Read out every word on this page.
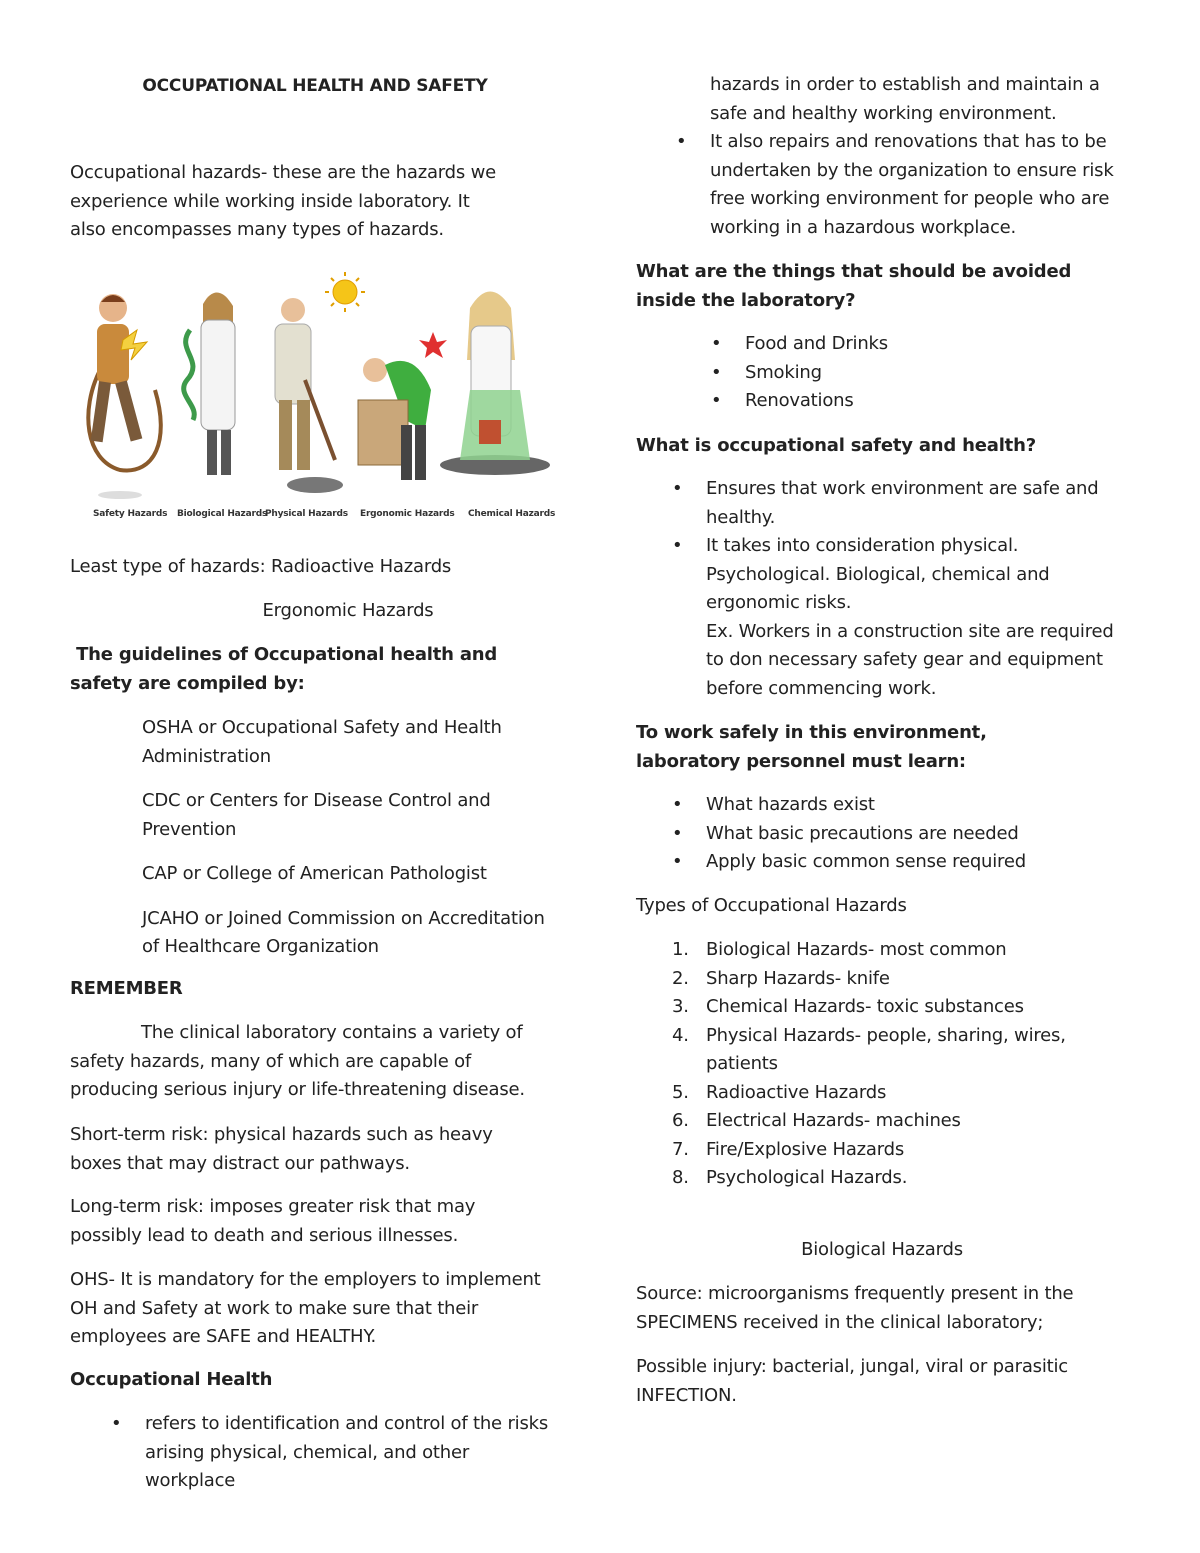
OCCUPATIONAL HEALTH AND SAFETY

Occupational hazards- these are the hazards we experience while working inside laboratory. It also encompasses many types of hazards.

Least type of hazards: Radioactive Hazards

Ergonomic Hazards

The guidelines of Occupational health and safety are compiled by:

OSHA or Occupational Safety and Health Administration

CDC or Centers for Disease Control and Prevention

CAP or College of American Pathologist

JCAHO or Joined Commission on Accreditation of Healthcare Organization

REMEMBER

The clinical laboratory contains a variety of safety hazards, many of which are capable of producing serious injury or life-threatening disease.

Short-term risk: physical hazards such as heavy boxes that may distract our pathways.

Long-term risk: imposes greater risk that may possibly lead to death and serious illnesses.

OHS- It is mandatory for the employers to implement OH and Safety at work to make sure that their employees are SAFE and HEALTHY.

Occupational Health

• refers to identification and control of the risks arising physical, chemical, and other workplace
Safety Hazards Biological Hazards
Physical Hazards Ergonomic Hazards Chemical Hazards

hazards in order to establish and maintain a safe and healthy working environment.

• It also repairs and renovations that has to be undertaken by the organization to ensure risk free working environment for people who are working in a hazardous workplace.

What are the things that should be avoided inside the laboratory?

• Food and Drinks
• Smoking
• Renovations

What is occupational safety and health?

• Ensures that work environment are safe and healthy.
• It takes into consideration physical. Psychological. Biological, chemical and ergonomic risks.
Ex. Workers in a construction site are required to don necessary safety gear and equipment before commencing work.

To work safely in this environment, laboratory personnel must learn:

• What hazards exist
• What basic precautions are needed
• Apply basic common sense required

Types of Occupational Hazards

1. Biological Hazards- most common
2. Sharp Hazards- knife
3. Chemical Hazards- toxic substances
4. Physical Hazards- people, sharing, wires, patients
5. Radioactive Hazards
6. Electrical Hazards- machines
7. Fire/Explosive Hazards
8. Psychological Hazards.

Biological Hazards

Source: microorganisms frequently present in the SPECIMENS received in the clinical laboratory;

Possible injury: bacterial, jungal, viral or parasitic INFECTION.
